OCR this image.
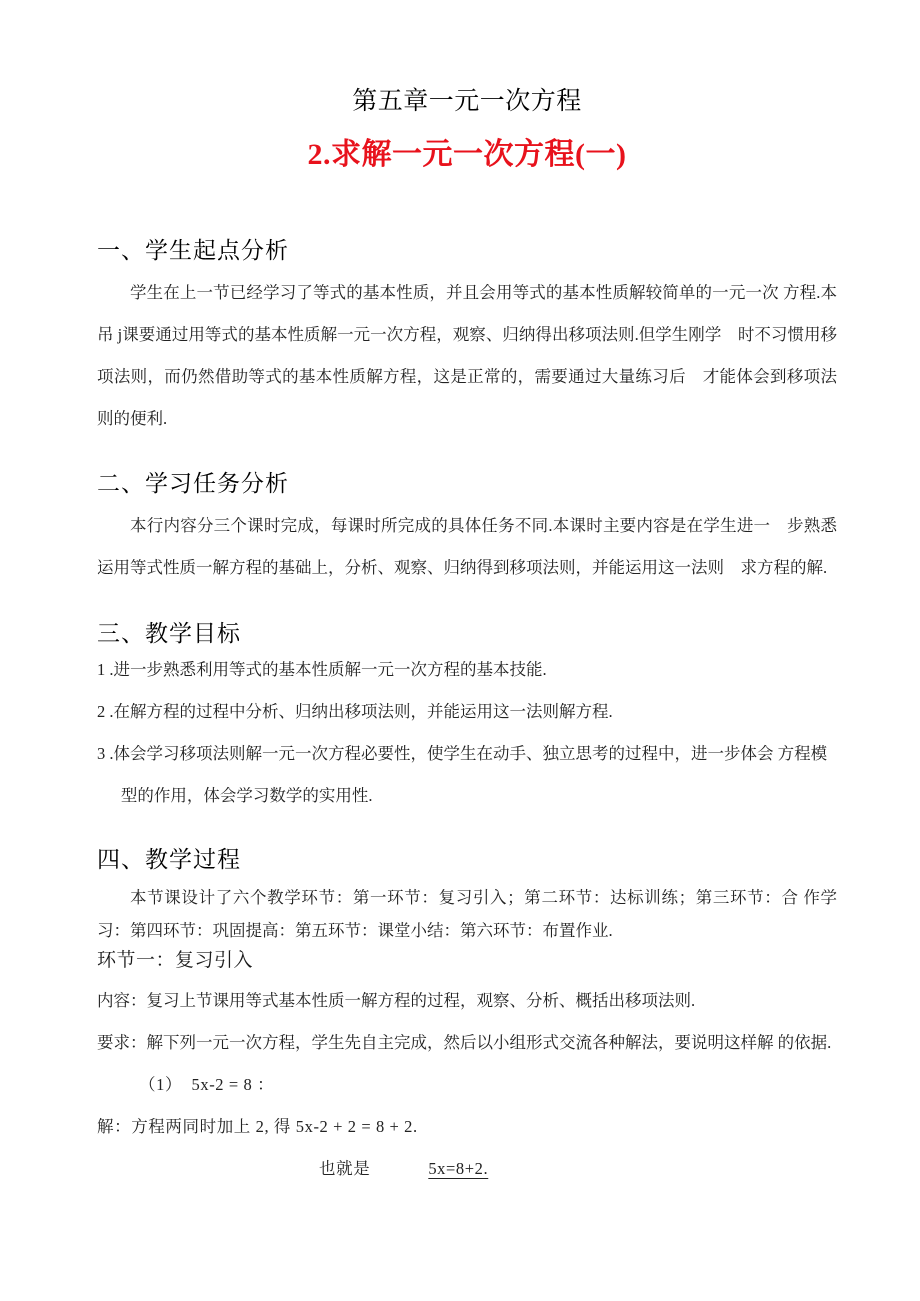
第五章一元一次方程
2.求解一元一次方程(一)
一、学生起点分析

学生在上一节已经学习了等式的基本性质，并且会用等式的基本性质解较简单的一元一次 方程.本吊 j课要通过用等式的基本性质解一元一次方程，观察、归纳得出移项法则.但学生刚学　时不习惯用移项法则，而仍然借助等式的基本性质解方程，这是正常的，需要通过大量练习后　才能体会到移项法则的便利.

二、学习任务分析

本行内容分三个课时完成，每课时所完成的具体任务不同.本课时主要内容是在学生进一　步熟悉运用等式性质一解方程的基础上，分析、观察、归纳得到移项法则，并能运用这一法则　求方程的解.

三、教学目标

1 .进一步熟悉利用等式的基本性质解一元一次方程的基本技能.

2 .在解方程的过程中分析、归纳出移项法则，并能运用这一法则解方程.

3 .体会学习移项法则解一元一次方程必要性，使学生在动手、独立思考的过程中，进一步体会 方程模型的作用，体会学习数学的实用性.

四、教学过程

本节课设计了六个教学环节：第一环节：复习引入；第二环节：达标训练；第三环节：合 作学习：第四环节：巩固提高：第五环节：课堂小结：第六环节：布置作业.

环节一：复习引入

内容：复习上节课用等式基本性质一解方程的过程，观察、分析、概括出移项法则.

要求：解下列一元一次方程，学生先自主完成，然后以小组形式交流各种解法，要说明这样解 的依据.

（1） 5x-2 = 8 ：

解：方程两同时加上 2, 得 5x-2 + 2 = 8 + 2.

也就是	5x=8+2.
